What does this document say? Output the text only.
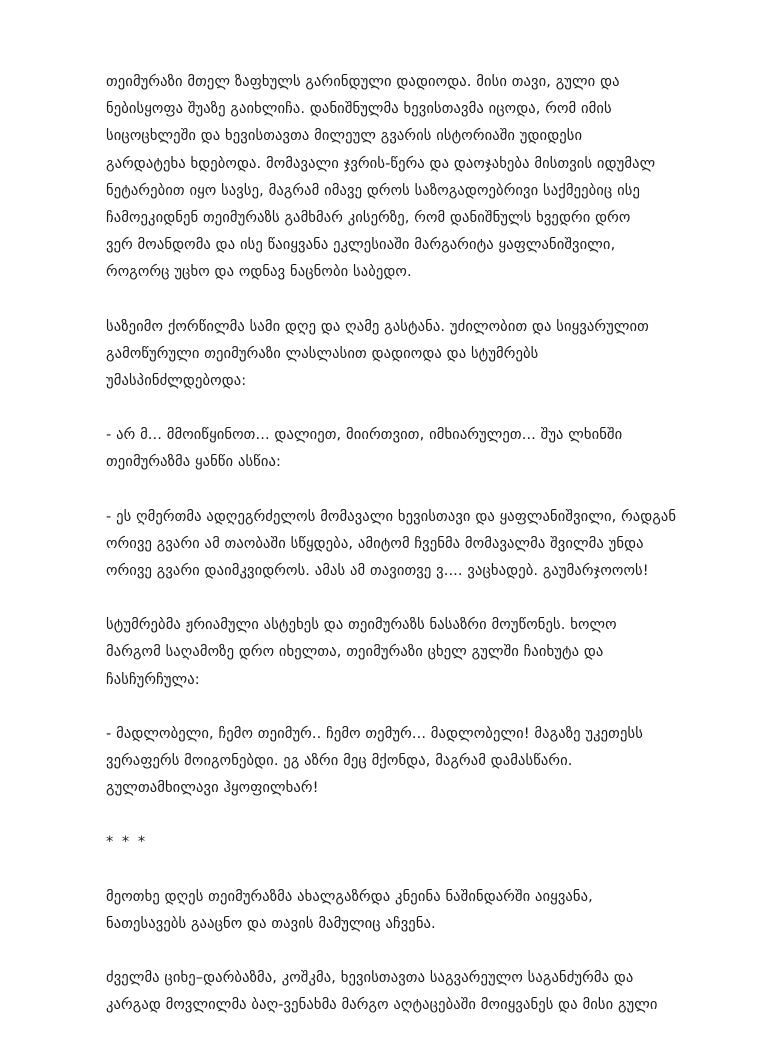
თეიმურაზი მთელ ზაფხულს გარინდული დადიოდა. მისი თავი, გული და
ნებისყოფა შუაზე გაიხლიჩა. დანიშნულმა ხევისთავმა იცოდა, რომ იმის
სიცოცხლეში და ხევისთავთა მილეულ გვარის ისტორიაში უდიდესი
გარდატეხა ხდებოდა. მომავალი ჯვრის-წერა და დაოჯახება მისთვის იდუმალ
ნეტარებით იყო სავსე, მაგრამ იმავე დროს საზოგადოებრივი საქმეებიც ისე
ჩამოეკიდნენ თეიმურაზს გამხმარ კისერზე, რომ დანიშნულს ხვედრი დრო
ვერ მოანდომა და ისე წაიყვანა ეკლესიაში მარგარიტა ყაფლანიშვილი,
როგორც უცხო და ოდნავ ნაცნობი საბედო.

საზეიმო ქორწილმა სამი დღე და ღამე გასტანა. უძილობით და სიყვარულით
გამოწურული თეიმურაზი ლასლასით დადიოდა და სტუმრებს
უმასპინძლდებოდა:

- არ მ... მმოიწყინოთ... დალიეთ, მიირთვით, იმხიარულეთ... შუა ლხინში
თეიმურაზმა ყანწი ასწია:

- ეს ღმერთმა ადღეგრძელოს მომავალი ხევისთავი და ყაფლანიშვილი, რადგან
ორივე გვარი ამ თაობაში სწყდება, ამიტომ ჩვენმა მომავალმა შვილმა უნდა
ორივე გვარი დაიმკვიდროს. ამას ამ თავითვე ვ.... ვაცხადებ. გაუმარჯოოოს!

სტუმრებმა ჟრიამული ასტეხეს და თეიმურაზს ნასაზრი მოუწონეს. ხოლო
მარგომ საღამოზე დრო იხელთა, თეიმურაზი ცხელ გულში ჩაიხუტა და
ჩასჩურჩულა:

- მადლობელი, ჩემო თეიმურ.. ჩემო თემურ... მადლობელი! მაგაზე უკეთესს
ვერაფერს მოიგონებდი. ეგ აზრი მეც მქონდა, მაგრამ დამასწარი.
გულთამხილავი ჰყოფილხარ!

* * *

მეოთხე დღეს თეიმურაზმა ახალგაზრდა კნეინა ნაშინდარში აიყვანა,
ნათესავებს გააცნო და თავის მამულიც აჩვენა.

ძველმა ციხე–დარბაზმა, კოშკმა, ხევისთავთა საგვარეულო საგანძურმა და
კარგად მოვლილმა ბაღ-ვენახმა მარგო აღტაცებაში მოიყვანეს და მისი გული
